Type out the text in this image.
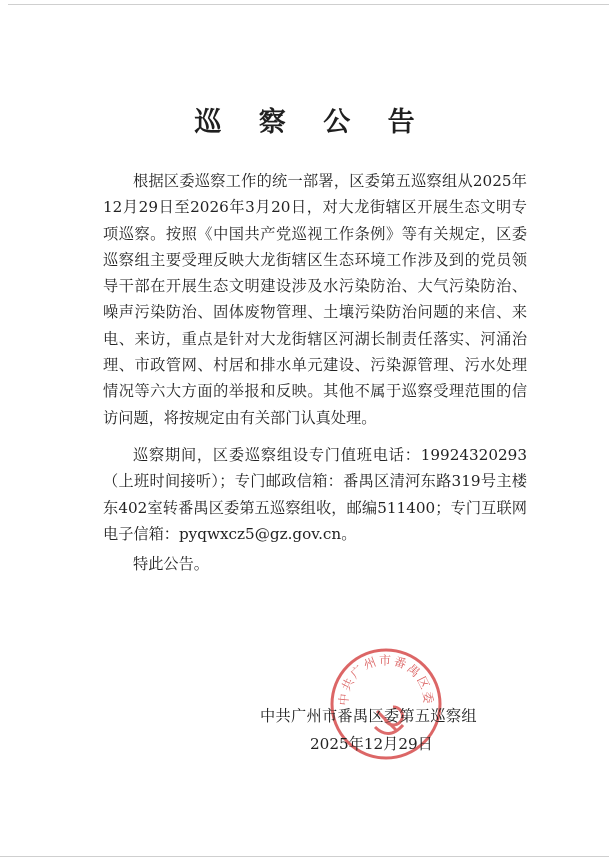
巡 察 公 告

根据区委巡察工作的统一部署，区委第五巡察组从2025年12月29日至2026年3月20日，对大龙街辖区开展生态文明专项巡察。按照《中国共产党巡视工作条例》等有关规定，区委巡察组主要受理反映大龙街辖区生态环境工作涉及到的党员领导干部在开展生态文明建设涉及水污染防治、大气污染防治、噪声污染防治、固体废物管理、土壤污染防治问题的来信、来电、来访，重点是针对大龙街辖区河湖长制责任落实、河涌治理、市政管网、村居和排水单元建设、污染源管理、污水处理情况等六大方面的举报和反映。其他不属于巡察受理范围的信访问题，将按规定由有关部门认真处理。

巡察期间，区委巡察组设专门值班电话：19924320293（上班时间接听）；专门邮政信箱：番禺区清河东路319号主楼东402室转番禺区委第五巡察组收，邮编511400；专门互联网电子信箱：pyqwxcz5@gz.gov.cn。

特此公告。

中共广州市番禺区委
中共广州市番禺区委第五巡察组
2025年12月29日
